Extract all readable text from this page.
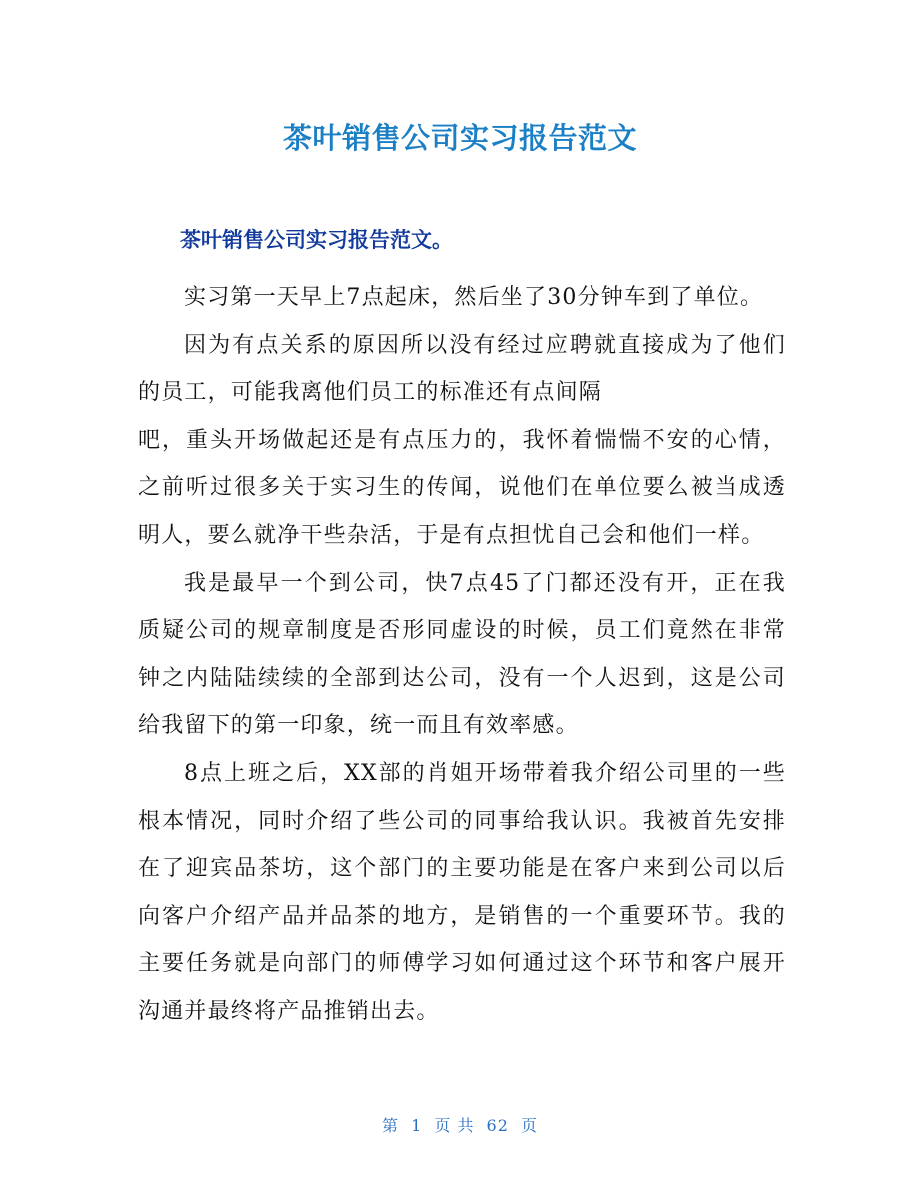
茶叶销售公司实习报告范文
茶叶销售公司实习报告范文。

实习第一天早上7点起床，然后坐了30分钟车到了单位。

因为有点关系的原因所以没有经过应聘就直接成为了他们的员工，可能我离他们员工的标准还有点间隔

吧，重头开场做起还是有点压力的，我怀着惴惴不安的心情，之前听过很多关于实习生的传闻，说他们在单位要么被当成透明人，要么就净干些杂活，于是有点担忧自己会和他们一样。

我是最早一个到公司，快7点45了门都还没有开，正在我质疑公司的规章制度是否形同虚设的时候，员工们竟然在非常钟之内陆陆续续的全部到达公司，没有一个人迟到，这是公司给我留下的第一印象，统一而且有效率感。

8点上班之后，XX部的肖姐开场带着我介绍公司里的一些根本情况，同时介绍了些公司的同事给我认识。我被首先安排在了迎宾品茶坊，这个部门的主要功能是在客户来到公司以后向客户介绍产品并品茶的地方，是销售的一个重要环节。我的主要任务就是向部门的师傅学习如何通过这个环节和客户展开沟通并最终将产品推销出去。

第 1 页 共 62 页
